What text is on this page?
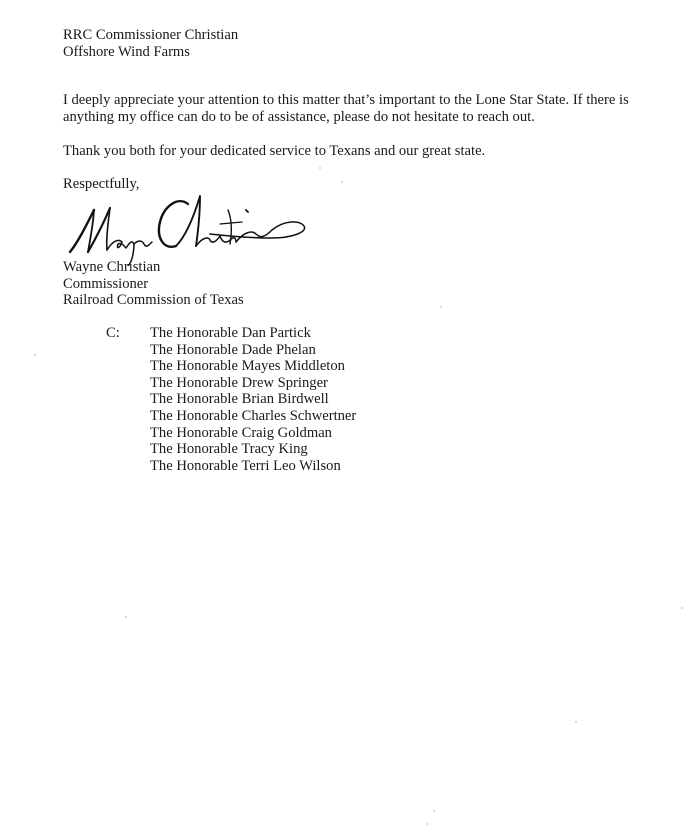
RRC Commissioner Christian
Offshore Wind Farms
I deeply appreciate your attention to this matter that’s important to the Lone Star State. If there is anything my office can do to be of assistance, please do not hesitate to reach out.
Thank you both for your dedicated service to Texans and our great state.
Respectfully,
Wayne Christian
Commissioner
Railroad Commission of Texas
C: The Honorable Dan Partick
The Honorable Dade Phelan
The Honorable Mayes Middleton
The Honorable Drew Springer
The Honorable Brian Birdwell
The Honorable Charles Schwertner
The Honorable Craig Goldman
The Honorable Tracy King
The Honorable Terri Leo Wilson
